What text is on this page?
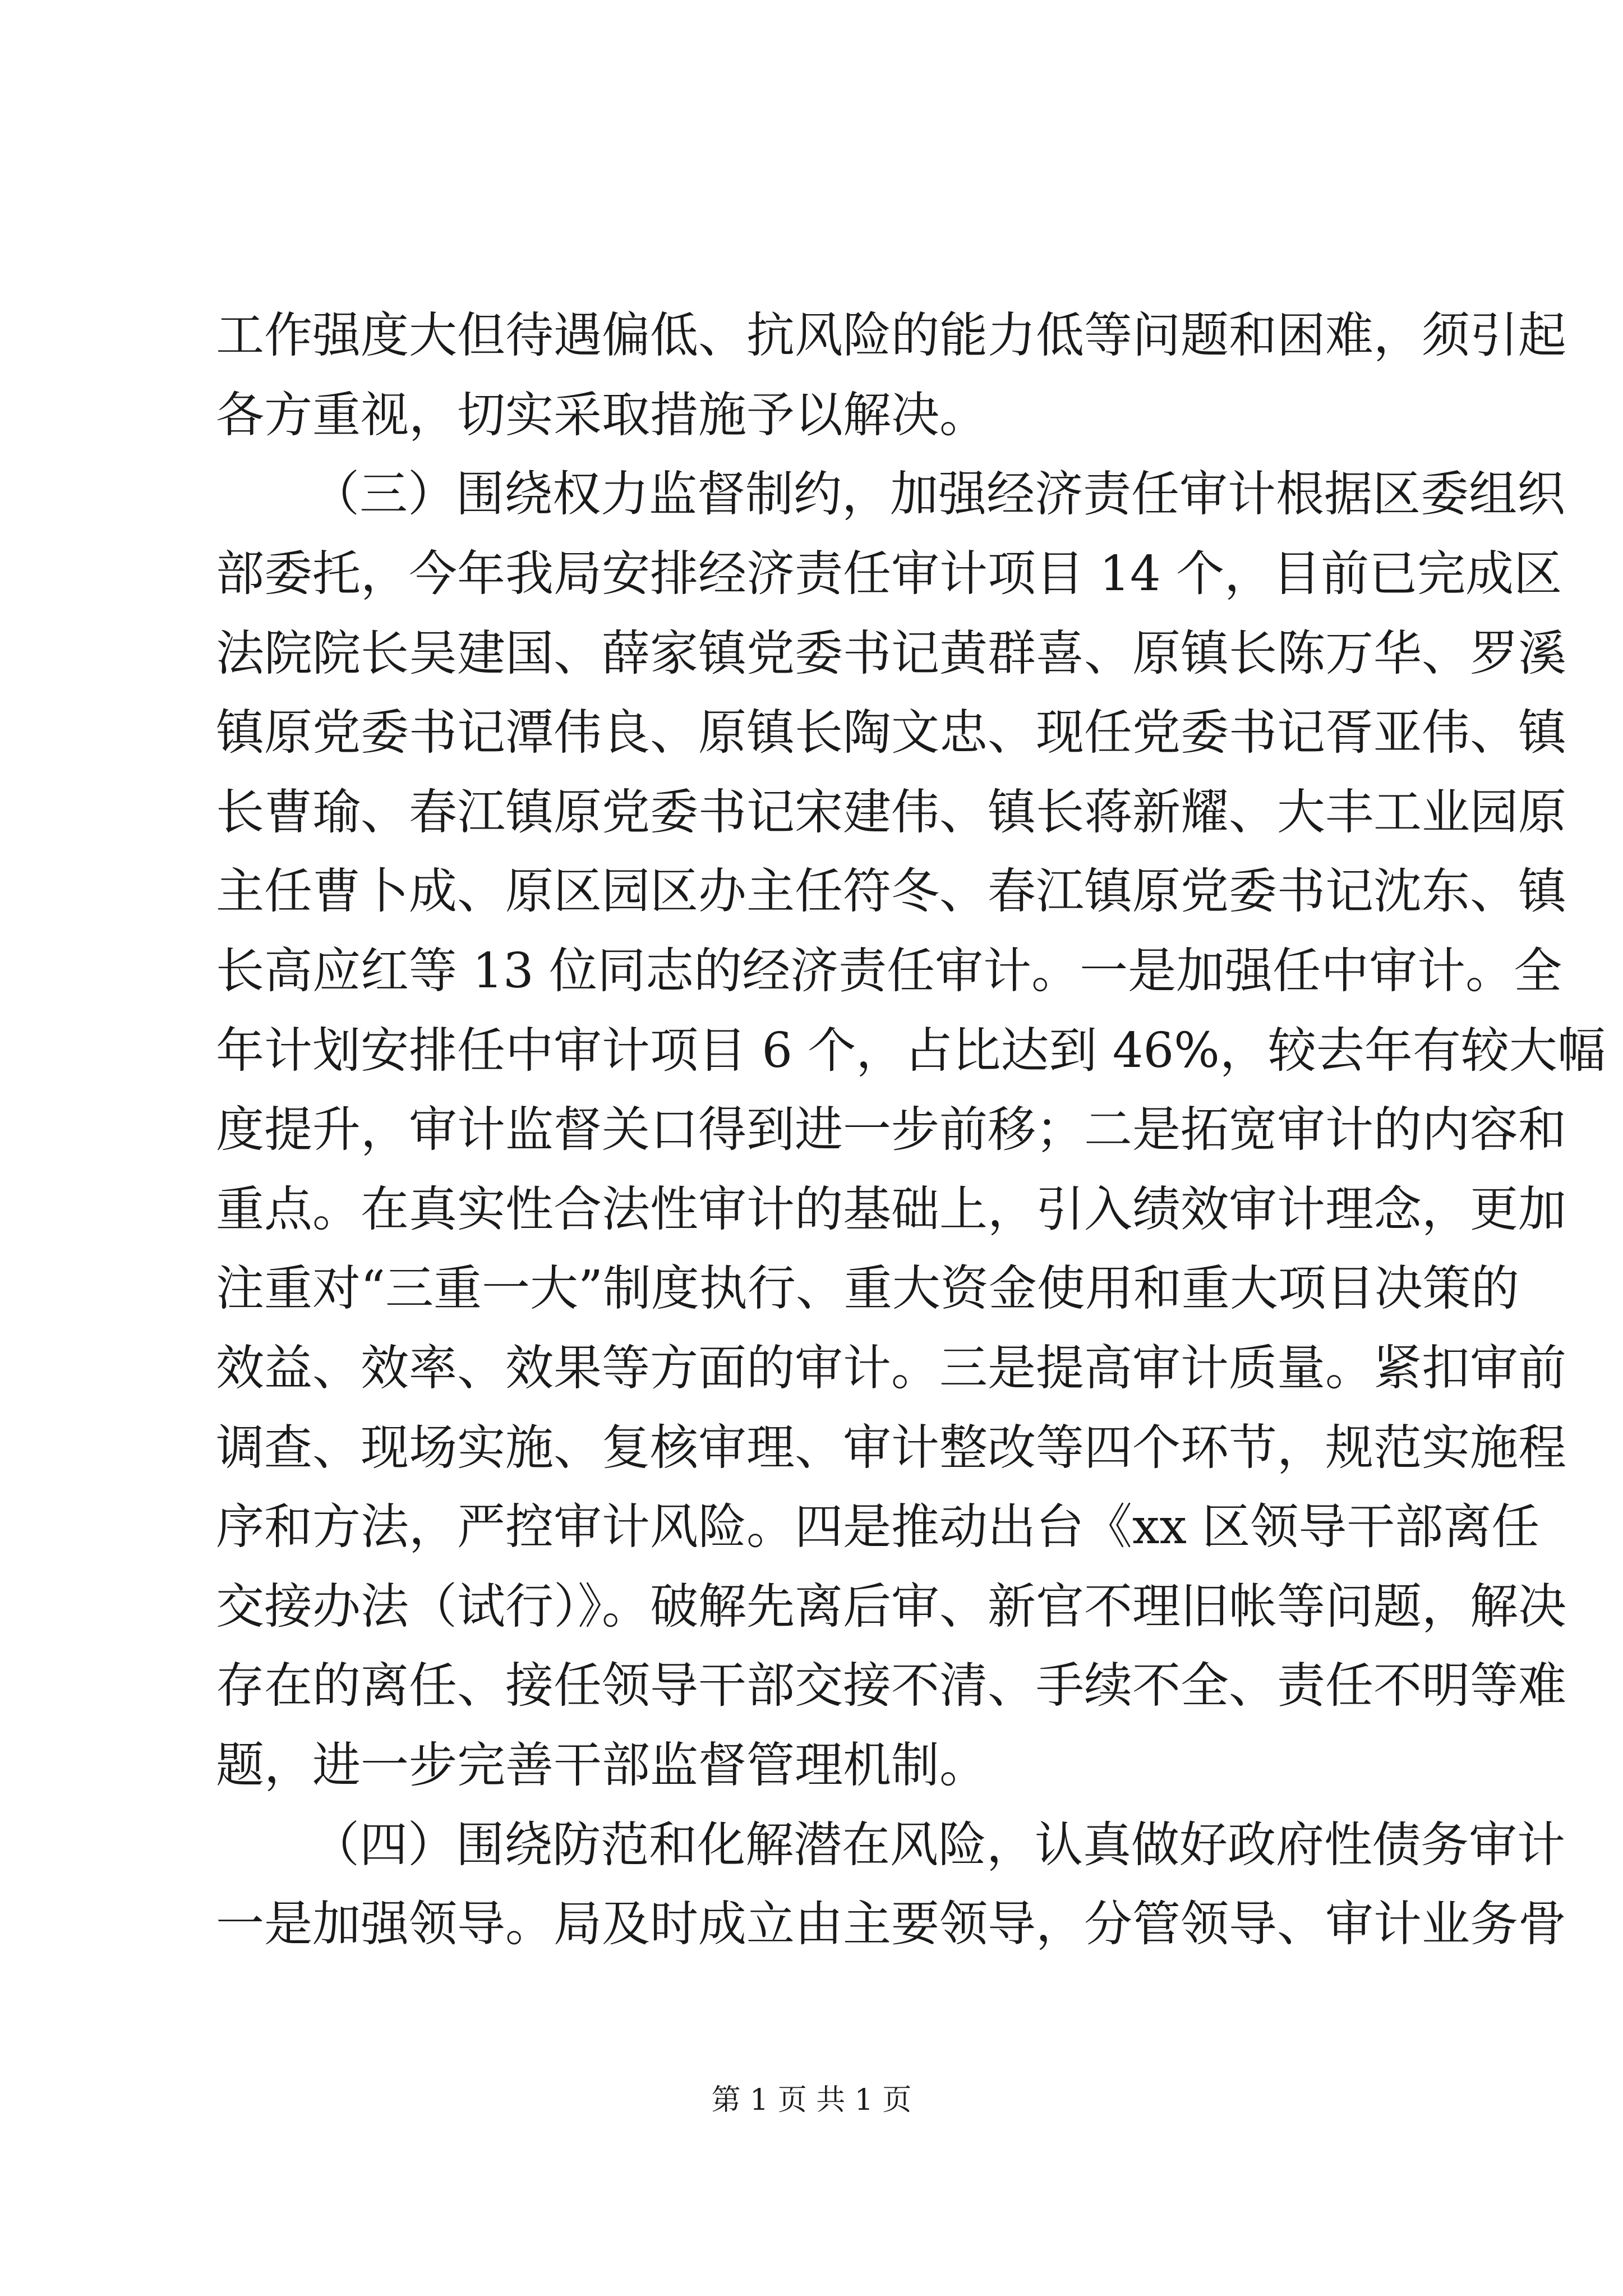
工作强度大但待遇偏低、抗风险的能力低等问题和困难，须引起
各方重视，切实采取措施予以解决。
（三）围绕权力监督制约，加强经济责任审计根据区委组织
部委托，今年我局安排经济责任审计项目 14 个，目前已完成区
法院院长吴建国、薛家镇党委书记黄群喜、原镇长陈万华、罗溪
镇原党委书记潭伟良、原镇长陶文忠、现任党委书记胥亚伟、镇
长曹瑜、春江镇原党委书记宋建伟、镇长蒋新耀、大丰工业园原
主任曹卜成、原区园区办主任符冬、春江镇原党委书记沈东、镇
长高应红等 13 位同志的经济责任审计。一是加强任中审计。全
年计划安排任中审计项目 6 个，占比达到 46%，较去年有较大幅
度提升，审计监督关口得到进一步前移；二是拓宽审计的内容和
重点。在真实性合法性审计的基础上，引入绩效审计理念，更加
注重对“三重一大”制度执行、重大资金使用和重大项目决策的
效益、效率、效果等方面的审计。三是提高审计质量。紧扣审前
调查、现场实施、复核审理、审计整改等四个环节，规范实施程
序和方法，严控审计风险。四是推动出台《xx 区领导干部离任
交接办法（试行）》。破解先离后审、新官不理旧帐等问题，解决
存在的离任、接任领导干部交接不清、手续不全、责任不明等难
题，进一步完善干部监督管理机制。
（四）围绕防范和化解潜在风险，认真做好政府性债务审计
一是加强领导。局及时成立由主要领导，分管领导、审计业务骨
第 1 页 共 1 页
